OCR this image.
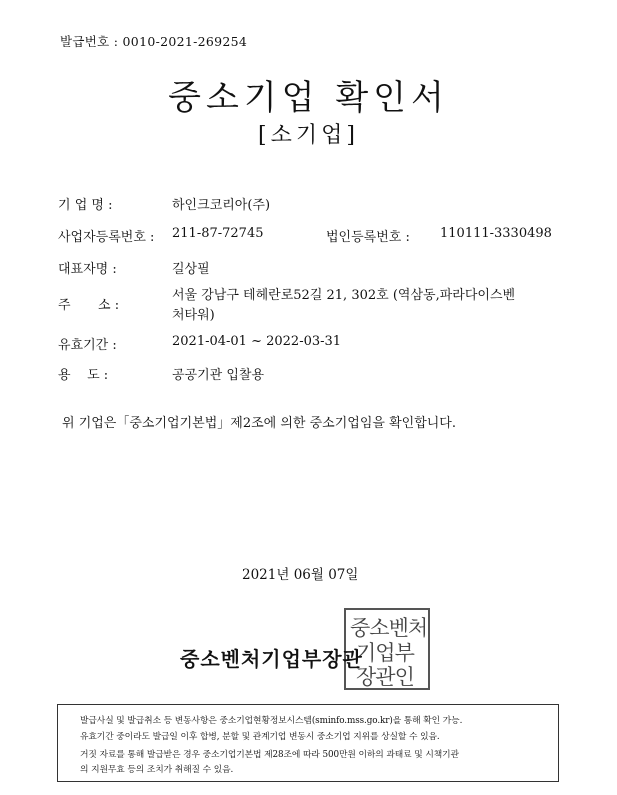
발급번호 : 0010-2021-269254
중소기업 확인서
[소기업]
기 업 명 :	하인크코리아(주)
사업자등록번호 : 211-87-72745	법인등록번호 : 110111-3330498
대표자명 :	길상필
주 소 :
서울 강남구 테헤란로52길 21, 302호 (역삼동,파라다이스벤
처타워)
유효기간 :	2021-04-01 ~ 2022-03-31
용    도 :	공공기관 입찰용
위 기업은「중소기업기본법」제2조에 의한 중소기업임을 확인합니다.
2021년 06월 07일
중소벤처
기업부
장관인
중소벤처기업부장관
발급사실 및 발급취소 등 변동사항은 중소기업현황정보시스템(sminfo.mss.go.kr)을 통해 확인 가능.
유효기간 중이라도 발급일 이후 합병, 분할 및 관계기업 변동시 중소기업 지위를 상실할 수 있음.
거짓 자료를 통해 발급받은 경우 중소기업기본법 제28조에 따라 500만원 이하의 과태료 및 시책기관
의 지원무효 등의 조치가 취해질 수 있음.
